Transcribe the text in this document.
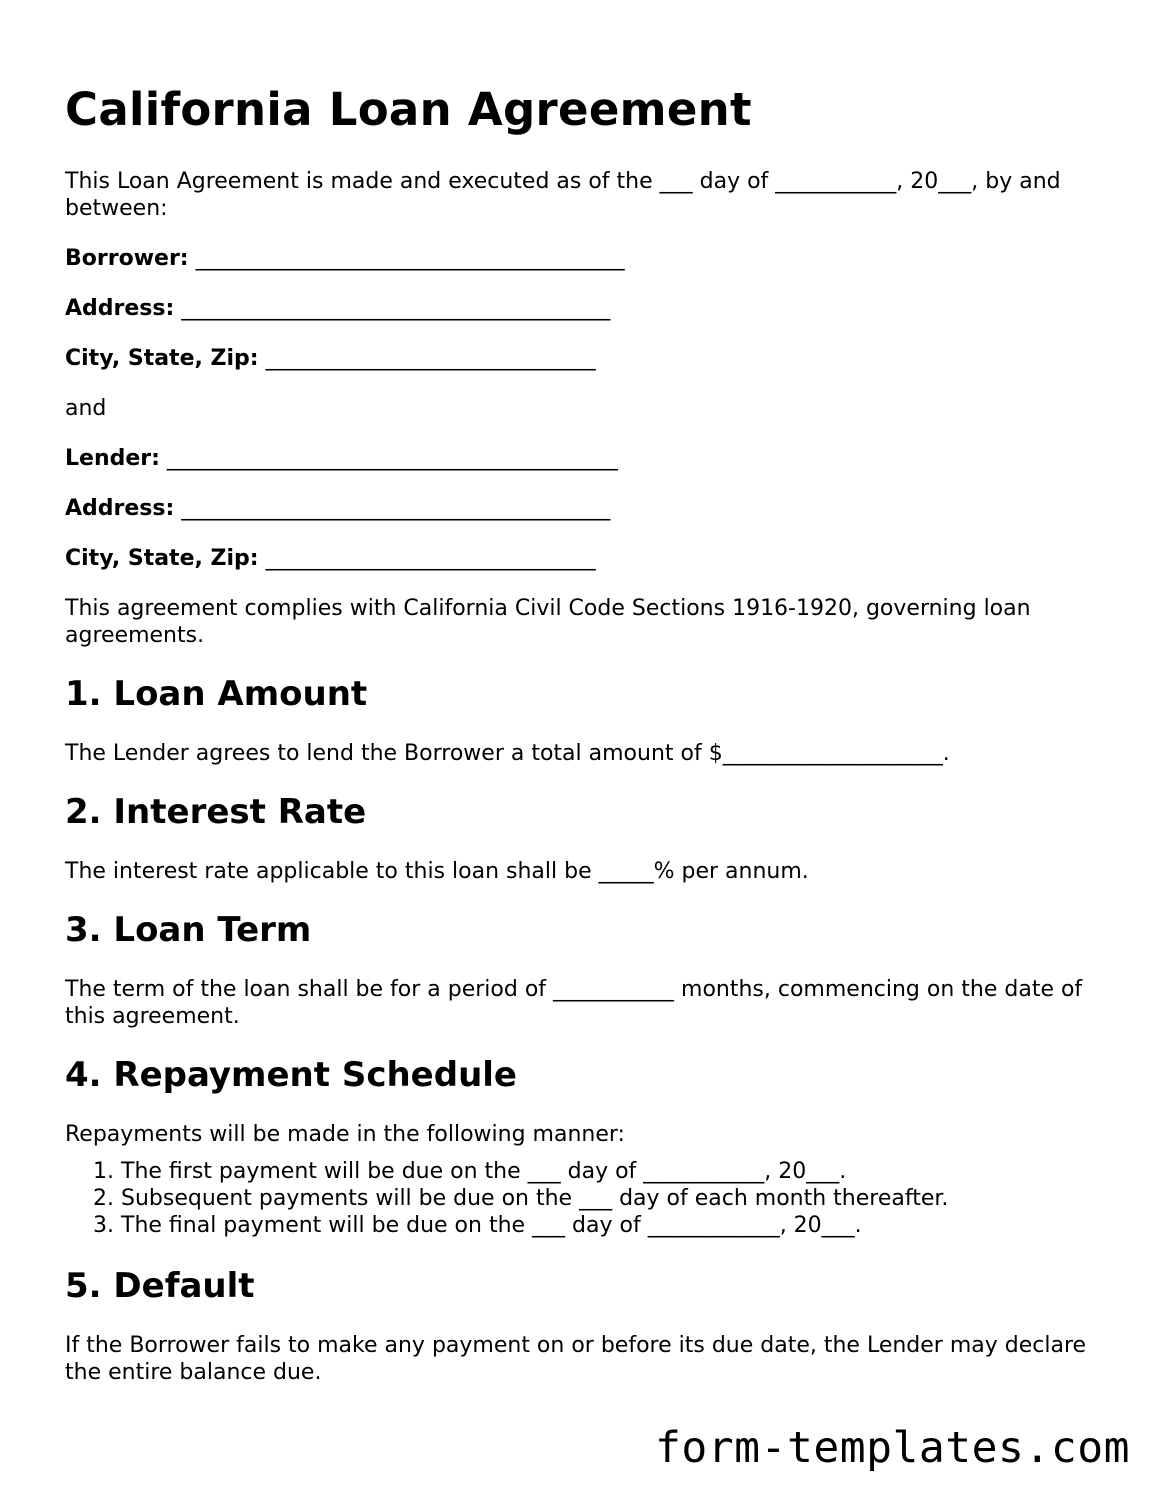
California Loan Agreement

This Loan Agreement is made and executed as of the ___ day of ___________, 20___, by and between:

Borrower: _______________________________________
Address: _______________________________________
City, State, Zip: ______________________________

and

Lender: _________________________________________
Address: _______________________________________
City, State, Zip: ______________________________

This agreement complies with California Civil Code Sections 1916-1920, governing loan agreements.

1. Loan Amount

The Lender agrees to lend the Borrower a total amount of $____________________.

2. Interest Rate

The interest rate applicable to this loan shall be _____% per annum.

3. Loan Term

The term of the loan shall be for a period of ___________ months, commencing on the date of this agreement.

4. Repayment Schedule

Repayments will be made in the following manner:

1. The first payment will be due on the ___ day of ___________, 20___.
2. Subsequent payments will be due on the ___ day of each month thereafter.
3. The final payment will be due on the ___ day of ____________, 20___.
5. Default

If the Borrower fails to make any payment on or before its due date, the Lender may declare the entire balance due.

form-templates.com
